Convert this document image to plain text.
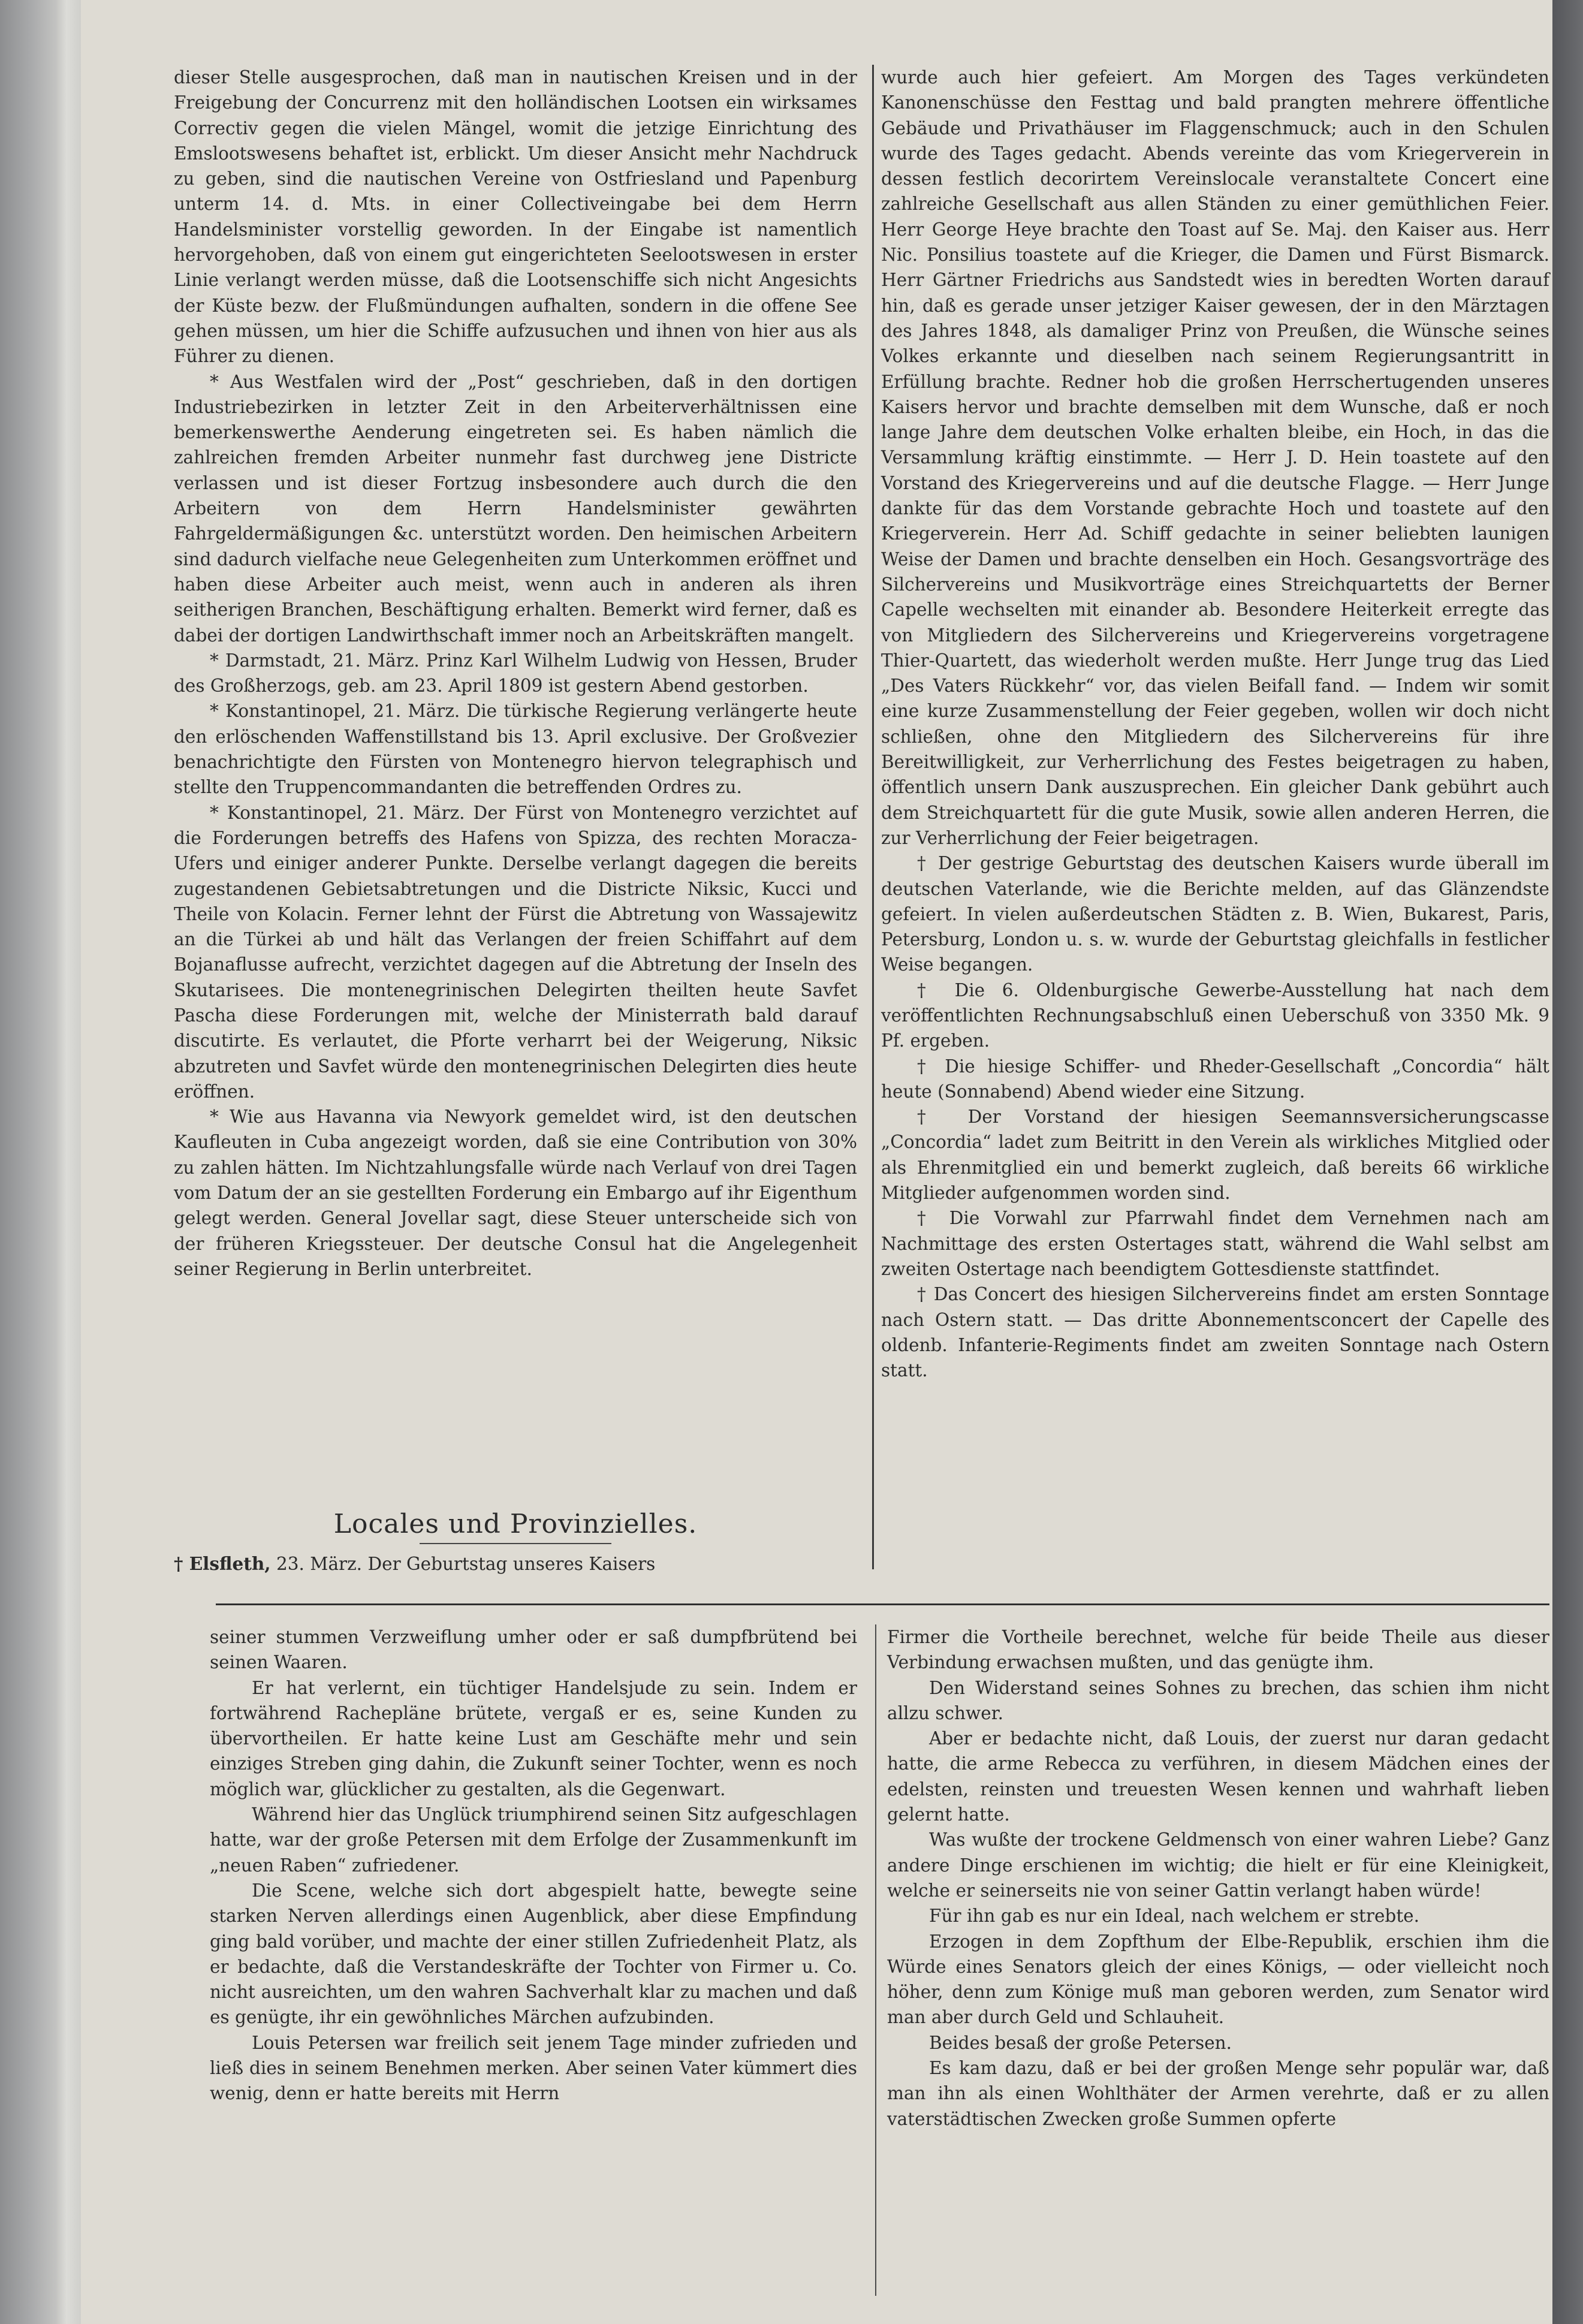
dieser Stelle ausgesprochen, daß man in nautischen Kreisen und in der Freigebung der Concurrenz mit den holländischen Lootsen ein wirksames Correctiv gegen die vielen Mängel, womit die jetzige Einrichtung des Emslootswesens behaftet ist, erblickt. Um dieser Ansicht mehr Nachdruck zu geben, sind die nautischen Vereine von Ostfriesland und Papenburg unterm 14. d. Mts. in einer Collectiveingabe bei dem Herrn Handelsminister vorstellig geworden. In der Eingabe ist namentlich hervorgehoben, daß von einem gut eingerichteten Seelootswesen in erster Linie verlangt werden müsse, daß die Lootsenschiffe sich nicht Angesichts der Küste bezw. der Flußmündungen aufhalten, sondern in die offene See gehen müssen, um hier die Schiffe aufzusuchen und ihnen von hier aus als Führer zu dienen.

* Aus Westfalen wird der „Post“ geschrieben, daß in den dortigen Industriebezirken in letzter Zeit in den Arbeiterverhältnissen eine bemerkenswerthe Aenderung eingetreten sei. Es haben nämlich die zahlreichen fremden Arbeiter nunmehr fast durchweg jene Districte verlassen und ist dieser Fortzug insbesondere auch durch die den Arbeitern von dem Herrn Handelsminister gewährten Fahrgeldermäßigungen &c. unterstützt worden. Den heimischen Arbeitern sind dadurch vielfache neue Gelegenheiten zum Unterkommen eröffnet und haben diese Arbeiter auch meist, wenn auch in anderen als ihren seitherigen Branchen, Beschäftigung erhalten. Bemerkt wird ferner, daß es dabei der dortigen Landwirthschaft immer noch an Arbeitskräften mangelt.

* Darmstadt, 21. März. Prinz Karl Wilhelm Ludwig von Hessen, Bruder des Großherzogs, geb. am 23. April 1809 ist gestern Abend gestorben.

* Konstantinopel, 21. März. Die türkische Regierung verlängerte heute den erlöschenden Waffenstillstand bis 13. April exclusive. Der Großvezier benachrichtigte den Fürsten von Montenegro hiervon telegraphisch und stellte den Truppencommandanten die betreffenden Ordres zu.

* Konstantinopel, 21. März. Der Fürst von Montenegro verzichtet auf die Forderungen betreffs des Hafens von Spizza, des rechten Moracza-Ufers und einiger anderer Punkte. Derselbe verlangt dagegen die bereits zugestandenen Gebietsabtretungen und die Districte Niksic, Kucci und Theile von Kolacin. Ferner lehnt der Fürst die Abtretung von Wassajewitz an die Türkei ab und hält das Verlangen der freien Schiffahrt auf dem Bojanaflusse aufrecht, verzichtet dagegen auf die Abtretung der Inseln des Skutarisees. Die montenegrinischen Delegirten theilten heute Savfet Pascha diese Forderungen mit, welche der Ministerrath bald darauf discutirte. Es verlautet, die Pforte verharrt bei der Weigerung, Niksic abzutreten und Savfet würde den montenegrinischen Delegirten dies heute eröffnen.

* Wie aus Havanna via Newyork gemeldet wird, ist den deutschen Kaufleuten in Cuba angezeigt worden, daß sie eine Contribution von 30% zu zahlen hätten. Im Nichtzahlungsfalle würde nach Verlauf von drei Tagen vom Datum der an sie gestellten Forderung ein Embargo auf ihr Eigenthum gelegt werden. General Jovellar sagt, diese Steuer unterscheide sich von der früheren Kriegssteuer. Der deutsche Consul hat die Angelegenheit seiner Regierung in Berlin unterbreitet.

Locales und Provinzielles.
† Elsfleth, 23. März. Der Geburtstag unseres Kaisers

wurde auch hier gefeiert. Am Morgen des Tages verkündeten Kanonenschüsse den Festtag und bald prangten mehrere öffentliche Gebäude und Privathäuser im Flaggenschmuck; auch in den Schulen wurde des Tages gedacht. Abends vereinte das vom Kriegerverein in dessen festlich decorirtem Vereinslocale veranstaltete Concert eine zahlreiche Gesellschaft aus allen Ständen zu einer gemüthlichen Feier. Herr George Heye brachte den Toast auf Se. Maj. den Kaiser aus. Herr Nic. Ponsilius toastete auf die Krieger, die Damen und Fürst Bismarck. Herr Gärtner Friedrichs aus Sandstedt wies in beredten Worten darauf hin, daß es gerade unser jetziger Kaiser gewesen, der in den Märztagen des Jahres 1848, als damaliger Prinz von Preußen, die Wünsche seines Volkes erkannte und dieselben nach seinem Regierungsantritt in Erfüllung brachte. Redner hob die großen Herrschertugenden unseres Kaisers hervor und brachte demselben mit dem Wunsche, daß er noch lange Jahre dem deutschen Volke erhalten bleibe, ein Hoch, in das die Versammlung kräftig einstimmte. — Herr J. D. Hein toastete auf den Vorstand des Kriegervereins und auf die deutsche Flagge. — Herr Junge dankte für das dem Vorstande gebrachte Hoch und toastete auf den Kriegerverein. Herr Ad. Schiff gedachte in seiner beliebten launigen Weise der Damen und brachte denselben ein Hoch. Gesangsvorträge des Silchervereins und Musikvorträge eines Streichquartetts der Berner Capelle wechselten mit einander ab. Besondere Heiterkeit erregte das von Mitgliedern des Silchervereins und Kriegervereins vorgetragene Thier-Quartett, das wiederholt werden mußte. Herr Junge trug das Lied „Des Vaters Rückkehr“ vor, das vielen Beifall fand. — Indem wir somit eine kurze Zusammenstellung der Feier gegeben, wollen wir doch nicht schließen, ohne den Mitgliedern des Silchervereins für ihre Bereitwilligkeit, zur Verherrlichung des Festes beigetragen zu haben, öffentlich unsern Dank auszusprechen. Ein gleicher Dank gebührt auch dem Streichquartett für die gute Musik, sowie allen anderen Herren, die zur Verherrlichung der Feier beigetragen.

† Der gestrige Geburtstag des deutschen Kaisers wurde überall im deutschen Vaterlande, wie die Berichte melden, auf das Glänzendste gefeiert. In vielen außerdeutschen Städten z. B. Wien, Bukarest, Paris, Petersburg, London u. s. w. wurde der Geburtstag gleichfalls in festlicher Weise begangen.

† Die 6. Oldenburgische Gewerbe-Ausstellung hat nach dem veröffentlichten Rechnungsabschluß einen Ueberschuß von 3350 Mk. 9 Pf. ergeben.

† Die hiesige Schiffer- und Rheder-Gesellschaft „Concordia“ hält heute (Sonnabend) Abend wieder eine Sitzung.

† Der Vorstand der hiesigen Seemannsversicherungscasse „Concordia“ ladet zum Beitritt in den Verein als wirkliches Mitglied oder als Ehrenmitglied ein und bemerkt zugleich, daß bereits 66 wirkliche Mitglieder aufgenommen worden sind.

† Die Vorwahl zur Pfarrwahl findet dem Vernehmen nach am Nachmittage des ersten Ostertages statt, während die Wahl selbst am zweiten Ostertage nach beendigtem Gottesdienste stattfindet.

† Das Concert des hiesigen Silchervereins findet am ersten Sonntage nach Ostern statt. — Das dritte Abonnementsconcert der Capelle des oldenb. Infanterie-Regiments findet am zweiten Sonntage nach Ostern statt.

seiner stummen Verzweiflung umher oder er saß dumpfbrütend bei seinen Waaren.

Er hat verlernt, ein tüchtiger Handelsjude zu sein. Indem er fortwährend Rachepläne brütete, vergaß er es, seine Kunden zu übervortheilen. Er hatte keine Lust am Geschäfte mehr und sein einziges Streben ging dahin, die Zukunft seiner Tochter, wenn es noch möglich war, glücklicher zu gestalten, als die Gegenwart.

Während hier das Unglück triumphirend seinen Sitz aufgeschlagen hatte, war der große Petersen mit dem Erfolge der Zusammenkunft im „neuen Raben“ zufriedener.

Die Scene, welche sich dort abgespielt hatte, bewegte seine starken Nerven allerdings einen Augenblick, aber diese Empfindung ging bald vorüber, und machte der einer stillen Zufriedenheit Platz, als er bedachte, daß die Verstandeskräfte der Tochter von Firmer u. Co. nicht ausreichten, um den wahren Sachverhalt klar zu machen und daß es genügte, ihr ein gewöhnliches Märchen aufzubinden.

Louis Petersen war freilich seit jenem Tage minder zufrieden und ließ dies in seinem Benehmen merken. Aber seinen Vater kümmert dies wenig, denn er hatte bereits mit Herrn

Firmer die Vortheile berechnet, welche für beide Theile aus dieser Verbindung erwachsen mußten, und das genügte ihm.

Den Widerstand seines Sohnes zu brechen, das schien ihm nicht allzu schwer.

Aber er bedachte nicht, daß Louis, der zuerst nur daran gedacht hatte, die arme Rebecca zu verführen, in diesem Mädchen eines der edelsten, reinsten und treuesten Wesen kennen und wahrhaft lieben gelernt hatte.

Was wußte der trockene Geldmensch von einer wahren Liebe? Ganz andere Dinge erschienen im wichtig; die hielt er für eine Kleinigkeit, welche er seinerseits nie von seiner Gattin verlangt haben würde!

Für ihn gab es nur ein Ideal, nach welchem er strebte.

Erzogen in dem Zopfthum der Elbe-Republik, erschien ihm die Würde eines Senators gleich der eines Königs, — oder vielleicht noch höher, denn zum Könige muß man geboren werden, zum Senator wird man aber durch Geld und Schlauheit.

Beides besaß der große Petersen.

Es kam dazu, daß er bei der großen Menge sehr populär war, daß man ihn als einen Wohlthäter der Armen verehrte, daß er zu allen vaterstädtischen Zwecken große Summen opferte
